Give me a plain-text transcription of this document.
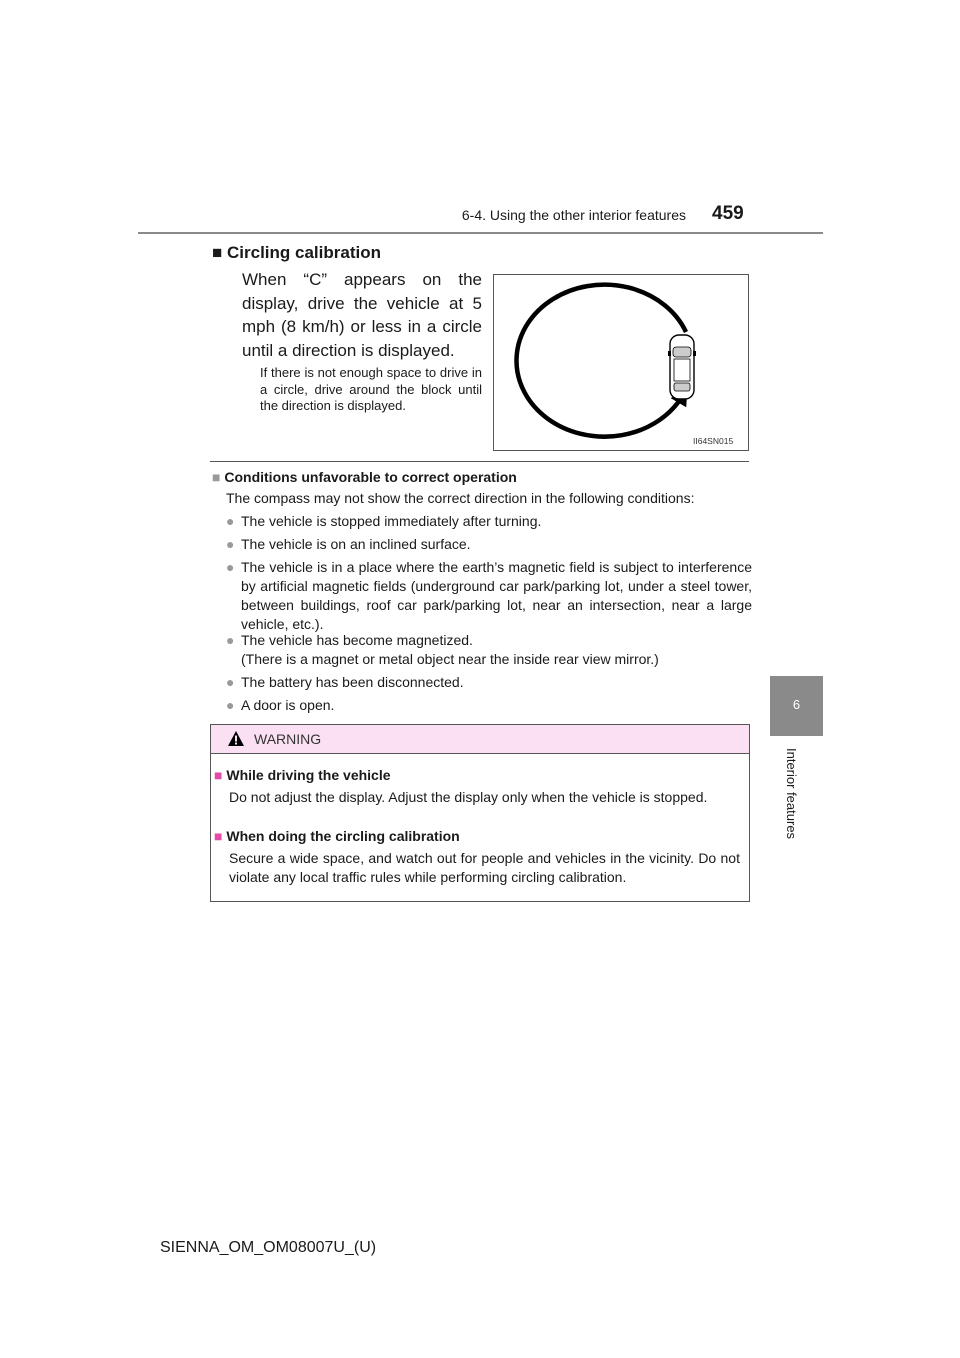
6-4. Using the other interior features 459
6
Interior features
■ Circling calibration
When “C” appears on the display, drive the vehicle at 5 mph (8 km/h) or less in a circle until a direction is displayed.
If there is not enough space to drive in a circle, drive around the block until the direction is displayed.
II64SN015
■ Conditions unfavorable to correct operation
The compass may not show the correct direction in the following conditions:
● The vehicle is stopped immediately after turning.
● The vehicle is on an inclined surface.
● The vehicle is in a place where the earth’s magnetic field is subject to interference by artificial magnetic fields (underground car park/parking lot, under a steel tower, between buildings, roof car park/parking lot, near an intersection, near a large vehicle, etc.).
● The vehicle has become magnetized.
(There is a magnet or metal object near the inside rear view mirror.)
● The battery has been disconnected.
● A door is open.
WARNING
■ While driving the vehicle
Do not adjust the display. Adjust the display only when the vehicle is stopped.
■ When doing the circling calibration
Secure a wide space, and watch out for people and vehicles in the vicinity. Do not violate any local traffic rules while performing circling calibration.
SIENNA_OM_OM08007U_(U)
